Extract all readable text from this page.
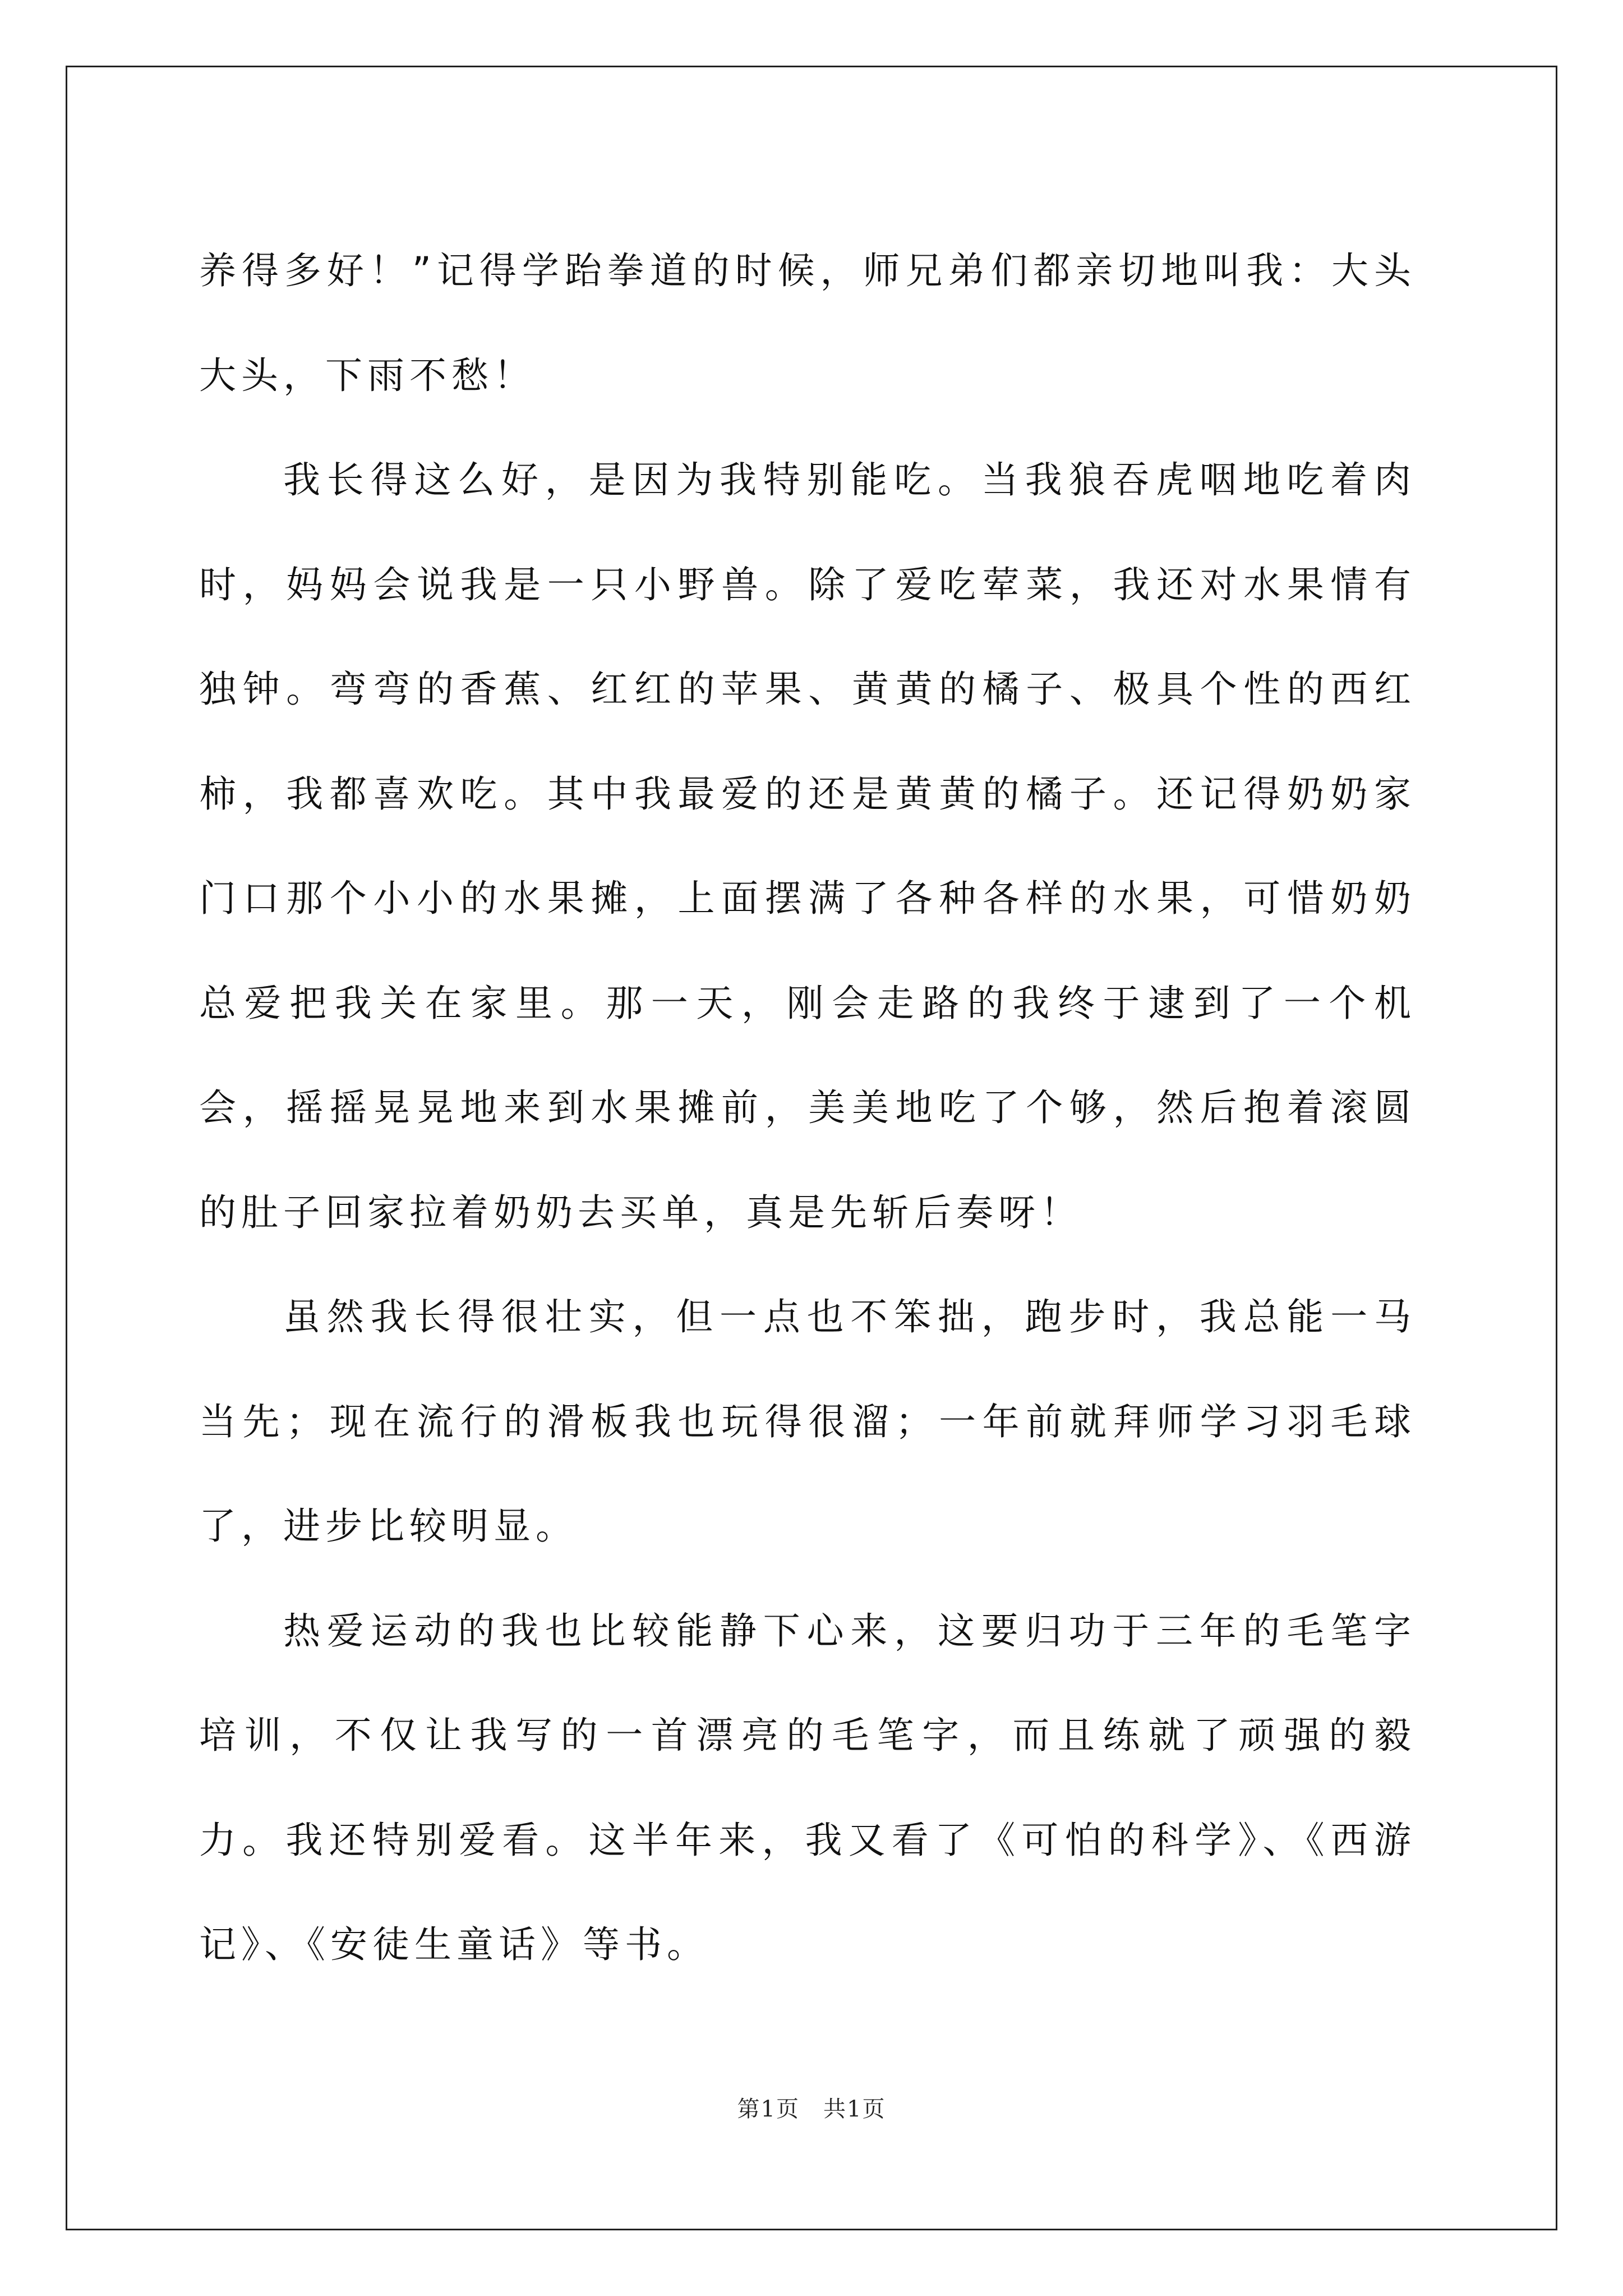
养得多好！”记得学跆拳道的时候，师兄弟们都亲切地叫我：大头大头，下雨不愁！

我长得这么好，是因为我特别能吃。当我狼吞虎咽地吃着肉时，妈妈会说我是一只小野兽。除了爱吃荤菜，我还对水果情有独钟。弯弯的香蕉、红红的苹果、黄黄的橘子、极具个性的西红柿，我都喜欢吃。其中我最爱的还是黄黄的橘子。还记得奶奶家门口那个小小的水果摊，上面摆满了各种各样的水果，可惜奶奶总爱把我关在家里。那一天，刚会走路的我终于逮到了一个机会，摇摇晃晃地来到水果摊前，美美地吃了个够，然后抱着滚圆的肚子回家拉着奶奶去买单，真是先斩后奏呀！

虽然我长得很壮实，但一点也不笨拙，跑步时，我总能一马当先；现在流行的滑板我也玩得很溜；一年前就拜师学习羽毛球了，进步比较明显。

热爱运动的我也比较能静下心来，这要归功于三年的毛笔字培训，不仅让我写的一首漂亮的毛笔字，而且练就了顽强的毅力。我还特别爱看。这半年来，我又看了《可怕的科学》、《西游记》、《安徒生童话》等书。

第1页　共1页
